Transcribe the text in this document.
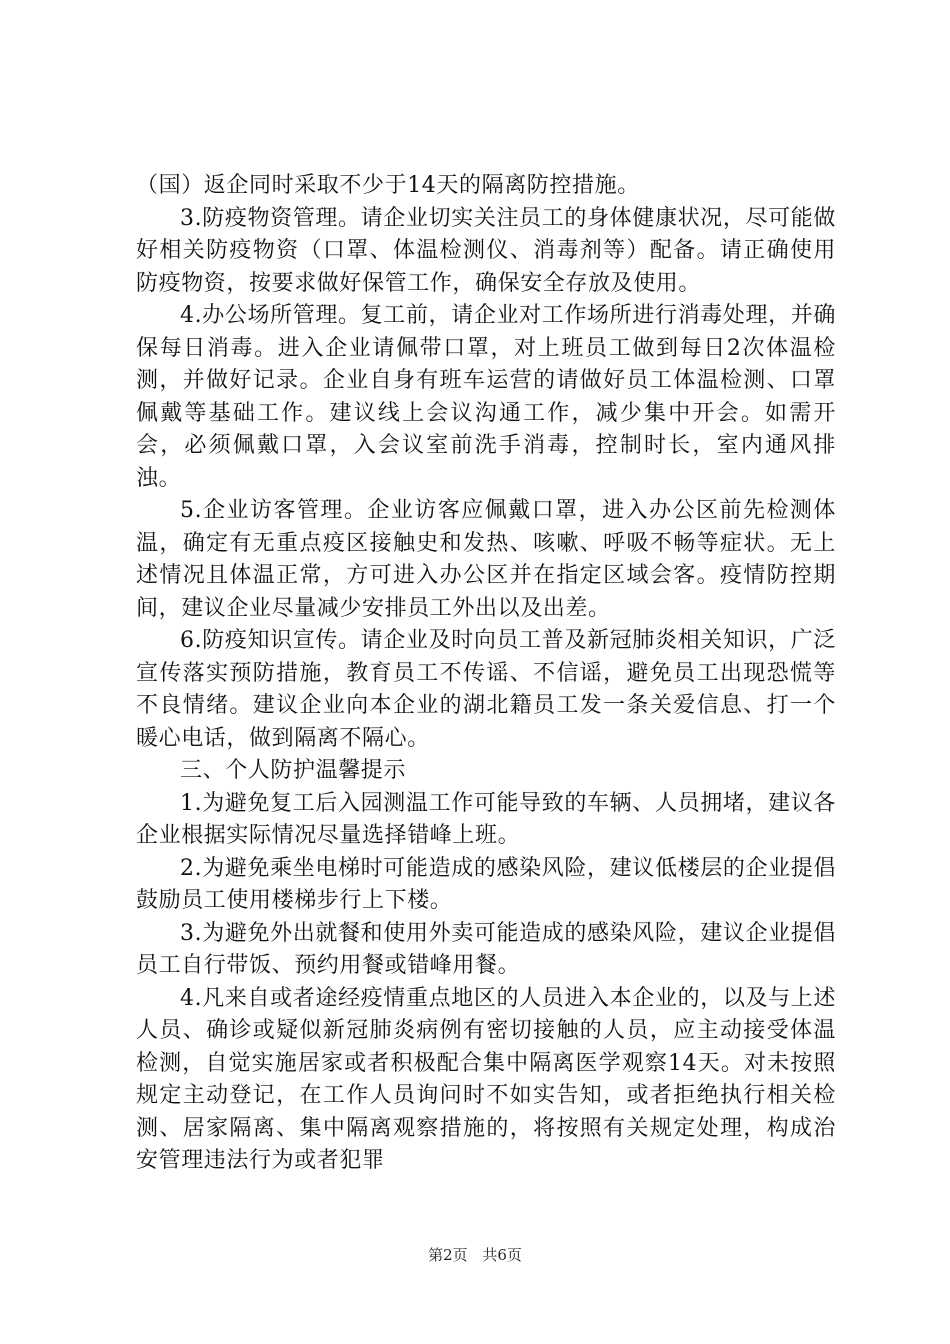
（国）返企同时采取不少于14天的隔离防控措施。

3.防疫物资管理。请企业切实关注员工的身体健康状况，尽可能做好相关防疫物资（口罩、体温检测仪、消毒剂等）配备。请正确使用防疫物资，按要求做好保管工作，确保安全存放及使用。

4.办公场所管理。复工前，请企业对工作场所进行消毒处理，并确保每日消毒。进入企业请佩带口罩，对上班员工做到每日2次体温检测，并做好记录。企业自身有班车运营的请做好员工体温检测、口罩佩戴等基础工作。建议线上会议沟通工作，减少集中开会。如需开会，必须佩戴口罩，入会议室前洗手消毒，控制时长，室内通风排浊。

5.企业访客管理。企业访客应佩戴口罩，进入办公区前先检测体温，确定有无重点疫区接触史和发热、咳嗽、呼吸不畅等症状。无上述情况且体温正常，方可进入办公区并在指定区域会客。疫情防控期间，建议企业尽量减少安排员工外出以及出差。

6.防疫知识宣传。请企业及时向员工普及新冠肺炎相关知识，广泛宣传落实预防措施，教育员工不传谣、不信谣，避免员工出现恐慌等不良情绪。建议企业向本企业的湖北籍员工发一条关爱信息、打一个暖心电话，做到隔离不隔心。

三、个人防护温馨提示

1.为避免复工后入园测温工作可能导致的车辆、人员拥堵，建议各企业根据实际情况尽量选择错峰上班。

2.为避免乘坐电梯时可能造成的感染风险，建议低楼层的企业提倡鼓励员工使用楼梯步行上下楼。

3.为避免外出就餐和使用外卖可能造成的感染风险，建议企业提倡员工自行带饭、预约用餐或错峰用餐。

4.凡来自或者途经疫情重点地区的人员进入本企业的，以及与上述人员、确诊或疑似新冠肺炎病例有密切接触的人员，应主动接受体温检测，自觉实施居家或者积极配合集中隔离医学观察14天。对未按照规定主动登记，在工作人员询问时不如实告知，或者拒绝执行相关检测、居家隔离、集中隔离观察措施的，将按照有关规定处理，构成治安管理违法行为或者犯罪

第2页 共6页
